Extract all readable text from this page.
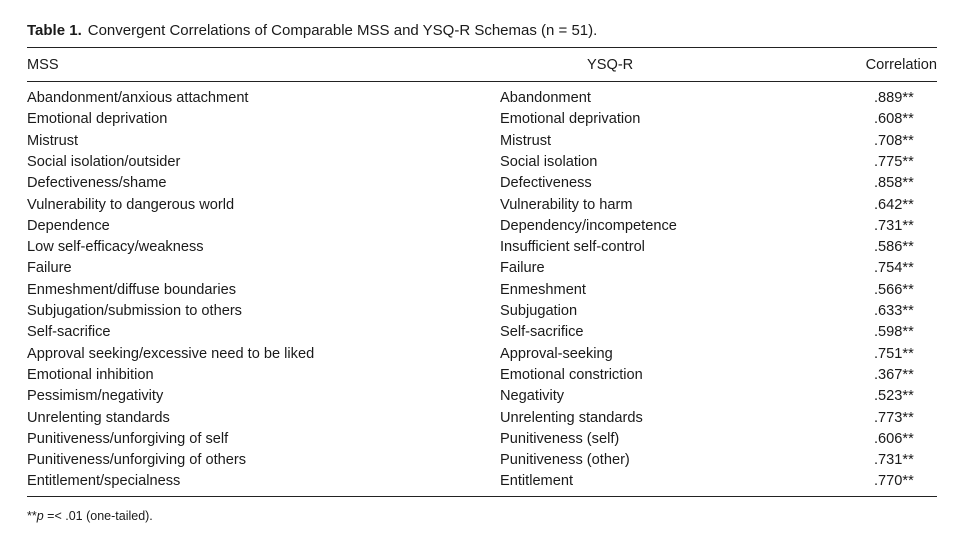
Table 1. Convergent Correlations of Comparable MSS and YSQ-R Schemas (n = 51).
MSS	YSQ-R	Correlation
Abandonment/anxious attachment	Abandonment	.889**
Emotional deprivation	Emotional deprivation	.608**
Mistrust	Mistrust	.708**
Social isolation/outsider	Social isolation	.775**
Defectiveness/shame	Defectiveness	.858**
Vulnerability to dangerous world	Vulnerability to harm	.642**
Dependence	Dependency/incompetence	.731**
Low self-efficacy/weakness	Insufficient self-control	.586**
Failure	Failure	.754**
Enmeshment/diffuse boundaries	Enmeshment	.566**
Subjugation/submission to others	Subjugation	.633**
Self-sacrifice	Self-sacrifice	.598**
Approval seeking/excessive need to be liked	Approval-seeking	.751**
Emotional inhibition	Emotional constriction	.367**
Pessimism/negativity	Negativity	.523**
Unrelenting standards	Unrelenting standards	.773**
Punitiveness/unforgiving of self	Punitiveness (self)	.606**
Punitiveness/unforgiving of others	Punitiveness (other)	.731**
Entitlement/specialness	Entitlement	.770**
**p =< .01 (one-tailed).
